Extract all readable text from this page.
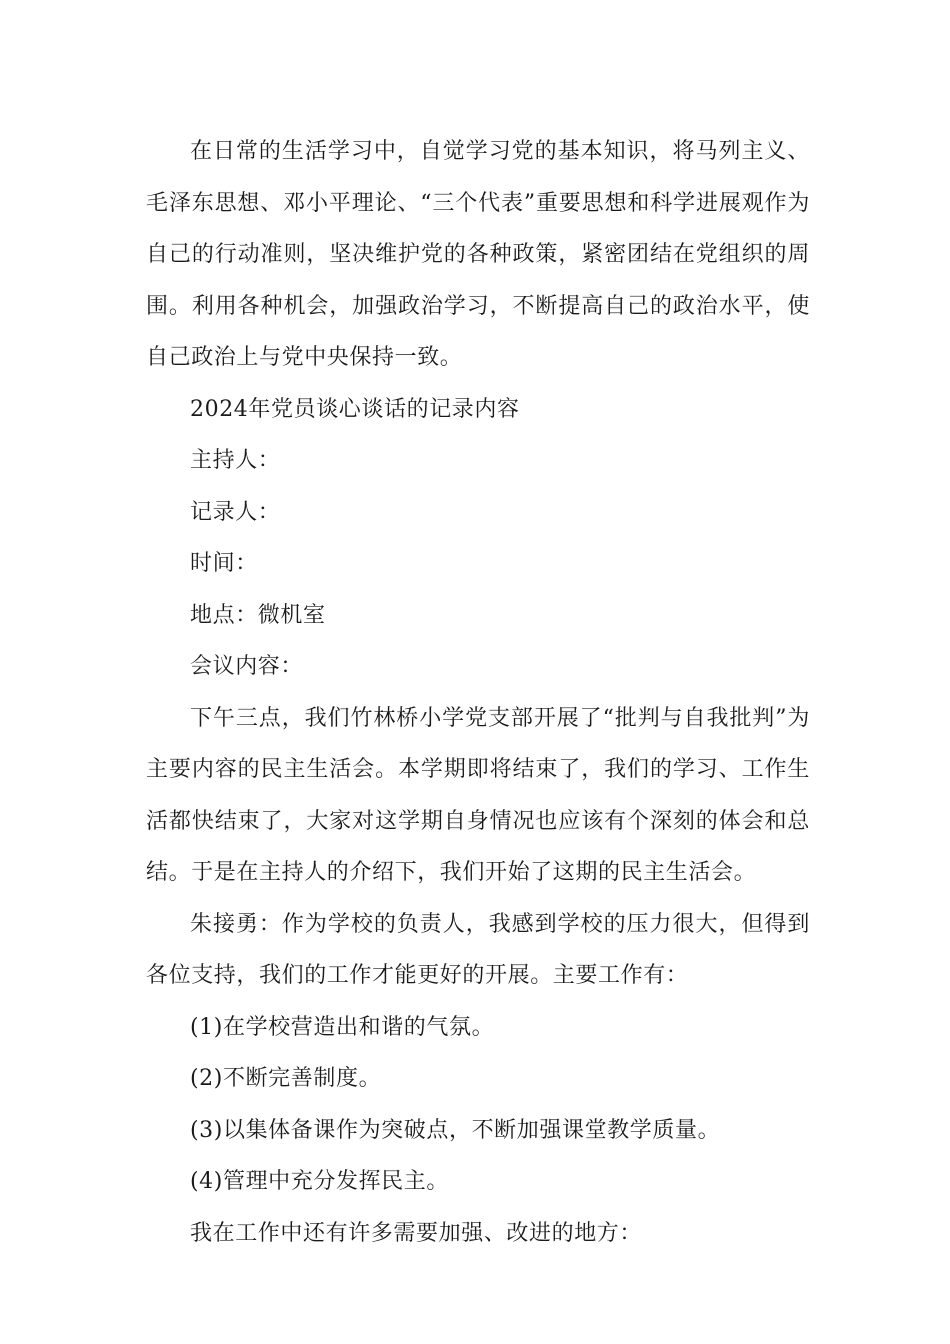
在日常的生活学习中，自觉学习党的基本知识，将马列主义、毛泽东思想、邓小平理论、“三个代表”重要思想和科学进展观作为自己的行动准则，坚决维护党的各种政策，紧密团结在党组织的周围。利用各种机会，加强政治学习，不断提高自己的政治水平，使自己政治上与党中央保持一致。

2024年党员谈心谈话的记录内容

主持人：

记录人：

时间：

地点：微机室

会议内容：

下午三点，我们竹林桥小学党支部开展了“批判与自我批判”为主要内容的民主生活会。本学期即将结束了，我们的学习、工作生活都快结束了，大家对这学期自身情况也应该有个深刻的体会和总结。于是在主持人的介绍下，我们开始了这期的民主生活会。

朱接勇：作为学校的负责人，我感到学校的压力很大，但得到各位支持，我们的工作才能更好的开展。主要工作有：

(1)在学校营造出和谐的气氛。

(2)不断完善制度。

(3)以集体备课作为突破点，不断加强课堂教学质量。

(4)管理中充分发挥民主。

我在工作中还有许多需要加强、改进的地方：
